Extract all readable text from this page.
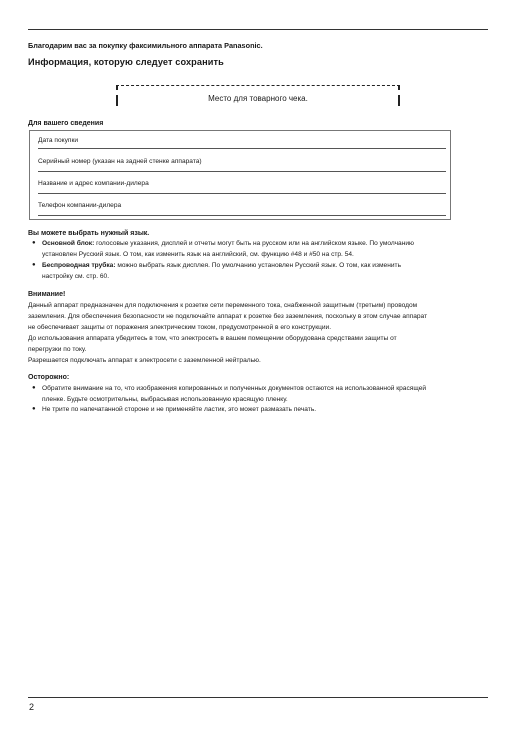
Благодарим вас за покупку факсимильного аппарата Panasonic.
Информация, которую следует сохранить
Место для товарного чека.
Для вашего сведения
Дата покупки
Серийный номер (указан на задней стенке аппарата)
Название и адрес компании-дилера
Телефон компании-дилера
Вы можете выбрать нужный язык.
● Основной блок: голосовые указания, дисплей и отчеты могут быть на русском или на английском языке. По умолчанию
установлен Русский язык. О том, как изменить язык на английский, см. функцию #48 и #50 на стр. 54.
● Беспроводная трубка: можно выбрать язык дисплея. По умолчанию установлен Русский язык. О том, как изменить
настройку см. стр. 60.
Внимание!
Данный аппарат предназначен для подключения к розетке сети переменного тока, снабженной защитным (третьим) проводом
заземления. Для обеспечения безопасности не подключайте аппарат к розетке без заземления, поскольку в этом случае аппарат
не обеспечивает защиты от поражения электрическим током, предусмотренной в его конструкции.
До использования аппарата убедитесь в том, что электросеть в вашем помещении оборудована средствами защиты от
перегрузки по току.
Разрешается подключать аппарат к электросети с заземленной нейтралью.
Осторожно:
● Обратите внимание на то, что изображения копированных и полученных документов остаются на использованной красящей
пленке. Будьте осмотрительны, выбрасывая использованную красящую пленку.
● Не трите по напечатанной стороне и не применяйте ластик, это может размазать печать.
2
